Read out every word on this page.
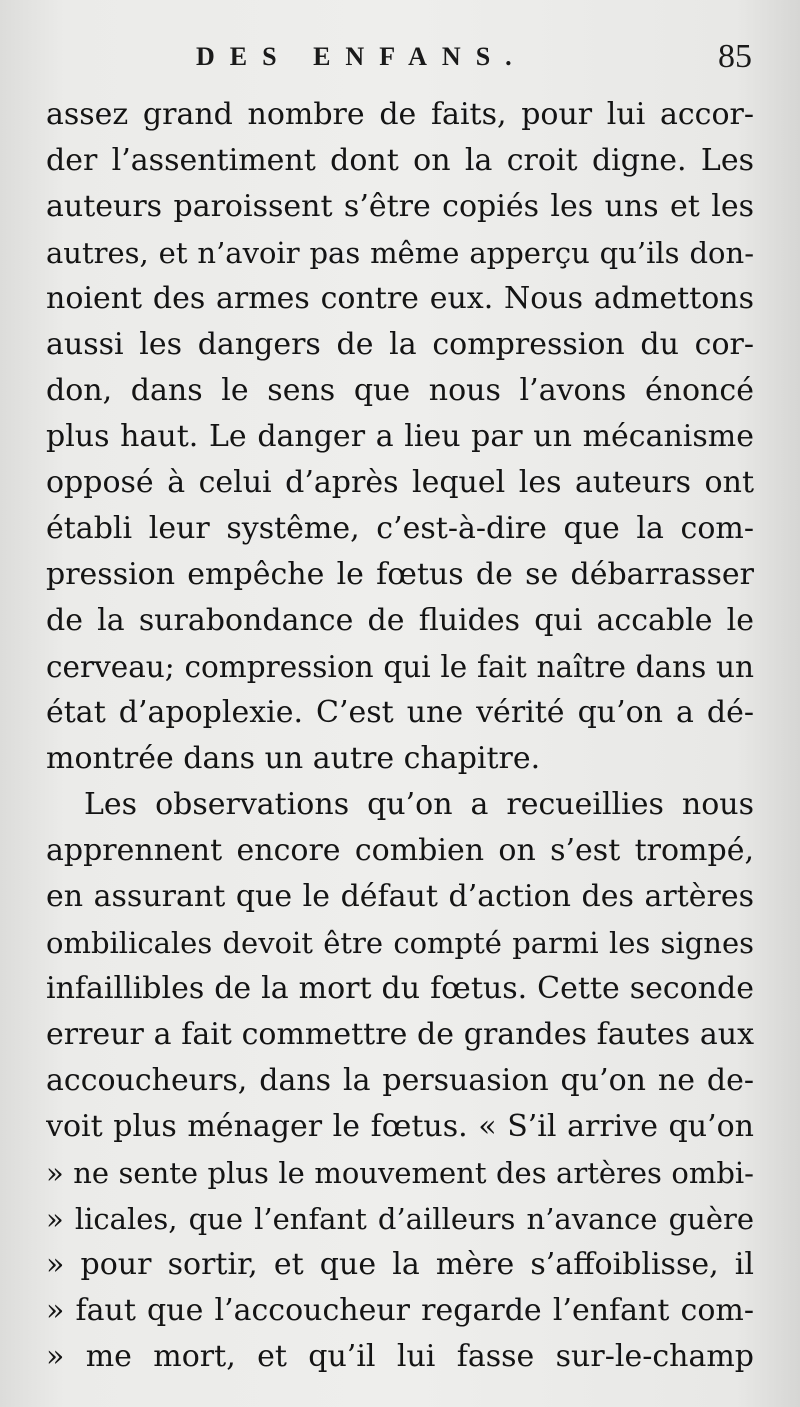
DES ENFANS.	85
assez grand nombre de faits, pour lui accor-
der l’assentiment dont on la croit digne. Les
auteurs paroissent s’être copiés les uns et les
autres, et n’avoir pas même apperçu qu’ils don-
noient des armes contre eux. Nous admettons
aussi les dangers de la compression du cor-
don, dans le sens que nous l’avons énoncé
plus haut. Le danger a lieu par un mécanisme
opposé à celui d’après lequel les auteurs ont
établi leur systême, c’est-à-dire que la com-
pression empêche le fœtus de se débarrasser
de la surabondance de fluides qui accable le
cerveau; compression qui le fait naître dans un
état d’apoplexie. C’est une vérité qu’on a dé-
montrée dans un autre chapitre.
Les observations qu’on a recueillies nous
apprennent encore combien on s’est trompé,
en assurant que le défaut d’action des artères
ombilicales devoit être compté parmi les signes
infaillibles de la mort du fœtus. Cette seconde
erreur a fait commettre de grandes fautes aux
accoucheurs, dans la persuasion qu’on ne de-
voit plus ménager le fœtus. « S’il arrive qu’on
» ne sente plus le mouvement des artères ombi-
» licales, que l’enfant d’ailleurs n’avance guère
» pour sortir, et que la mère s’affoiblisse, il
» faut que l’accoucheur regarde l’enfant com-
» me mort, et qu’il lui fasse sur-le-champ
